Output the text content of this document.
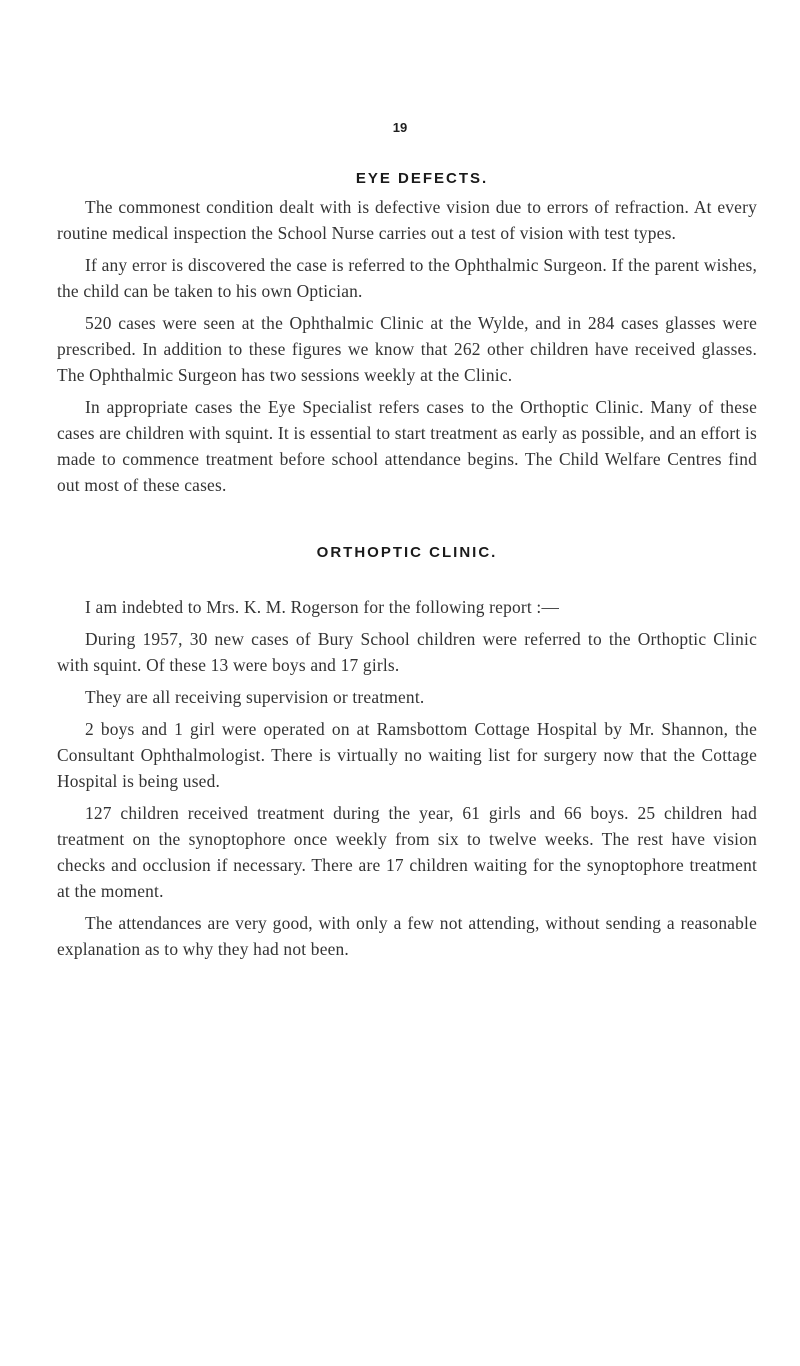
19
EYE DEFECTS.

The commonest condition dealt with is defective vision due to errors of refraction. At every routine medical inspection the School Nurse carries out a test of vision with test types.

If any error is discovered the case is referred to the Ophthalmic Surgeon. If the parent wishes, the child can be taken to his own Optician.

520 cases were seen at the Ophthalmic Clinic at the Wylde, and in 284 cases glasses were prescribed. In addition to these figures we know that 262 other children have received glasses. The Ophthalmic Surgeon has two sessions weekly at the Clinic.

In appropriate cases the Eye Specialist refers cases to the Orthoptic Clinic. Many of these cases are children with squint. It is essential to start treatment as early as possible, and an effort is made to commence treatment before school attendance begins. The Child Welfare Centres find out most of these cases.

ORTHOPTIC CLINIC.

I am indebted to Mrs. K. M. Rogerson for the following report :—

During 1957, 30 new cases of Bury School children were referred to the Orthoptic Clinic with squint. Of these 13 were boys and 17 girls.

They are all receiving supervision or treatment.

2 boys and 1 girl were operated on at Ramsbottom Cottage Hospital by Mr. Shannon, the Consultant Ophthalmologist. There is virtually no waiting list for surgery now that the Cottage Hospital is being used.

127 children received treatment during the year, 61 girls and 66 boys. 25 children had treatment on the synoptophore once weekly from six to twelve weeks. The rest have vision checks and occlusion if necessary. There are 17 children waiting for the synoptophore treatment at the moment.

The attendances are very good, with only a few not attending, without sending a reasonable explanation as to why they had not been.
